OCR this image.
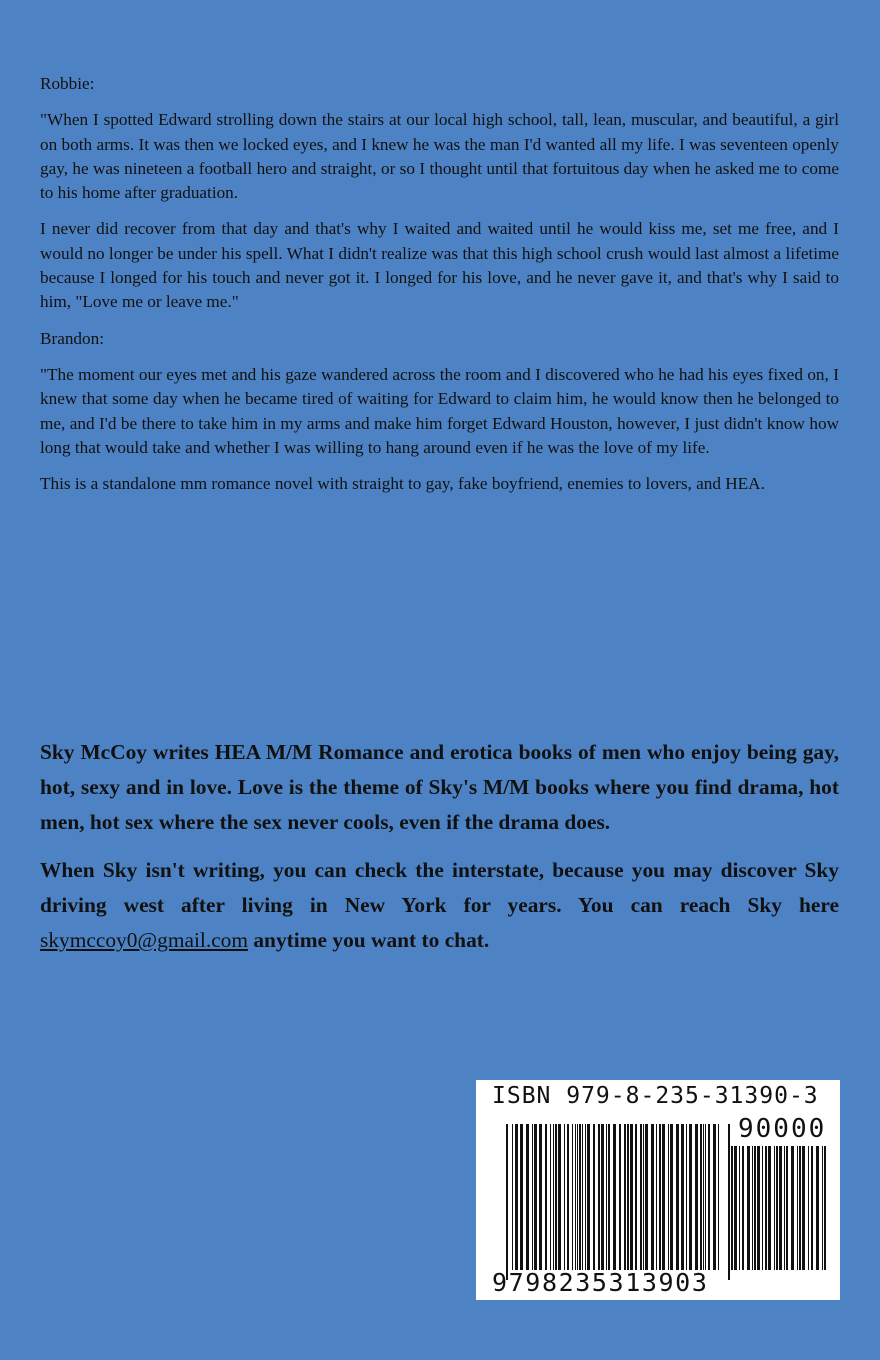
Robbie:

"When I spotted Edward strolling down the stairs at our local high school, tall, lean, muscular, and beautiful, a girl on both arms. It was then we locked eyes, and I knew he was the man I'd wanted all my life. I was seventeen openly gay, he was nineteen a football hero and straight, or so I thought until that fortuitous day when he asked me to come to his home after graduation.

I never did recover from that day and that's why I waited and waited until he would kiss me, set me free, and I would no longer be under his spell. What I didn't realize was that this high school crush would last almost a lifetime because I longed for his touch and never got it. I longed for his love, and he never gave it, and that's why I said to him, "Love me or leave me."

Brandon:

"The moment our eyes met and his gaze wandered across the room and I discovered who he had his eyes fixed on, I knew that some day when he became tired of waiting for Edward to claim him, he would know then he belonged to me, and I'd be there to take him in my arms and make him forget Edward Houston, however, I just didn't know how long that would take and whether I was willing to hang around even if he was the love of my life.

This is a standalone mm romance novel with straight to gay, fake boyfriend, enemies to lovers, and HEA.

Sky McCoy writes HEA M/M Romance and erotica books of men who enjoy being gay, hot, sexy and in love. Love is the theme of Sky's M/M books where you find drama, hot men, hot sex where the sex never cools, even if the drama does.

When Sky isn't writing, you can check the interstate, because you may discover Sky driving west after living in New York for years. You can reach Sky here skymccoy0@gmail.com anytime you want to chat.

ISBN 979-8-235-31390-3
90000
9798235313903
